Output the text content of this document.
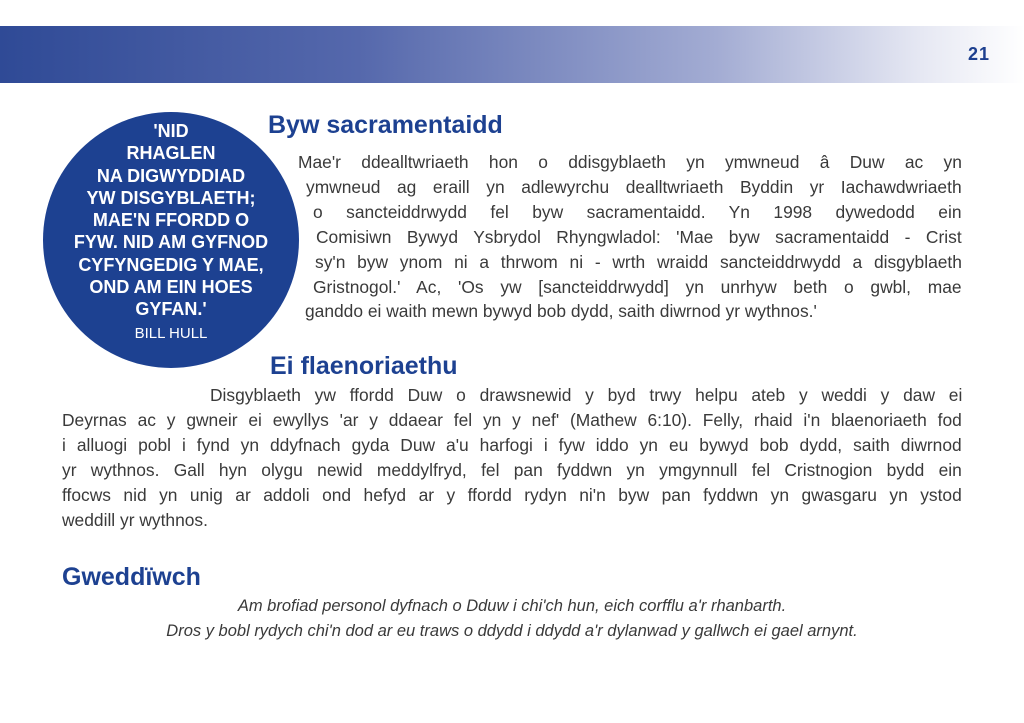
21
'NID
RHAGLEN
NA DIGWYDDIAD
YW DISGYBLAETH;
MAE'N FFORDD O
FYW. NID AM GYFNOD
CYFYNGEDIG Y MAE,
OND AM EIN HOES
GYFAN.'
BILL HULL
Byw sacramentaidd
Mae'r ddealltwriaeth hon o ddisgyblaeth yn ymwneud â Duw ac yn
ymwneud ag eraill yn adlewyrchu dealltwriaeth Byddin yr Iachawdwriaeth
o sancteiddrwydd fel byw sacramentaidd. Yn 1998 dywedodd ein
Comisiwn Bywyd Ysbrydol Rhyngwladol: 'Mae byw sacramentaidd - Crist
sy'n byw ynom ni a thrwom ni - wrth wraidd sancteiddrwydd a disgyblaeth
Gristnogol.' Ac, 'Os yw [sancteiddrwydd] yn unrhyw beth o gwbl, mae
ganddo ei waith mewn bywyd bob dydd, saith diwrnod yr wythnos.'
Ei flaenoriaethu
Disgyblaeth yw ffordd Duw o drawsnewid y byd trwy helpu ateb y weddi y daw ei
Deyrnas ac y gwneir ei ewyllys 'ar y ddaear fel yn y nef' (Mathew 6:10). Felly, rhaid i'n blaenoriaeth fod
i alluogi pobl i fynd yn ddyfnach gyda Duw a'u harfogi i fyw iddo yn eu bywyd bob dydd, saith diwrnod
yr wythnos. Gall hyn olygu newid meddylfryd, fel pan fyddwn yn ymgynnull fel Cristnogion bydd ein
ffocws nid yn unig ar addoli ond hefyd ar y ffordd rydyn ni'n byw pan fyddwn yn gwasgaru yn ystod
weddill yr wythnos.
Gweddïwch
Am brofiad personol dyfnach o Dduw i chi'ch hun, eich corfflu a'r rhanbarth.
Dros y bobl rydych chi'n dod ar eu traws o ddydd i ddydd a'r dylanwad y gallwch ei gael arnynt.
